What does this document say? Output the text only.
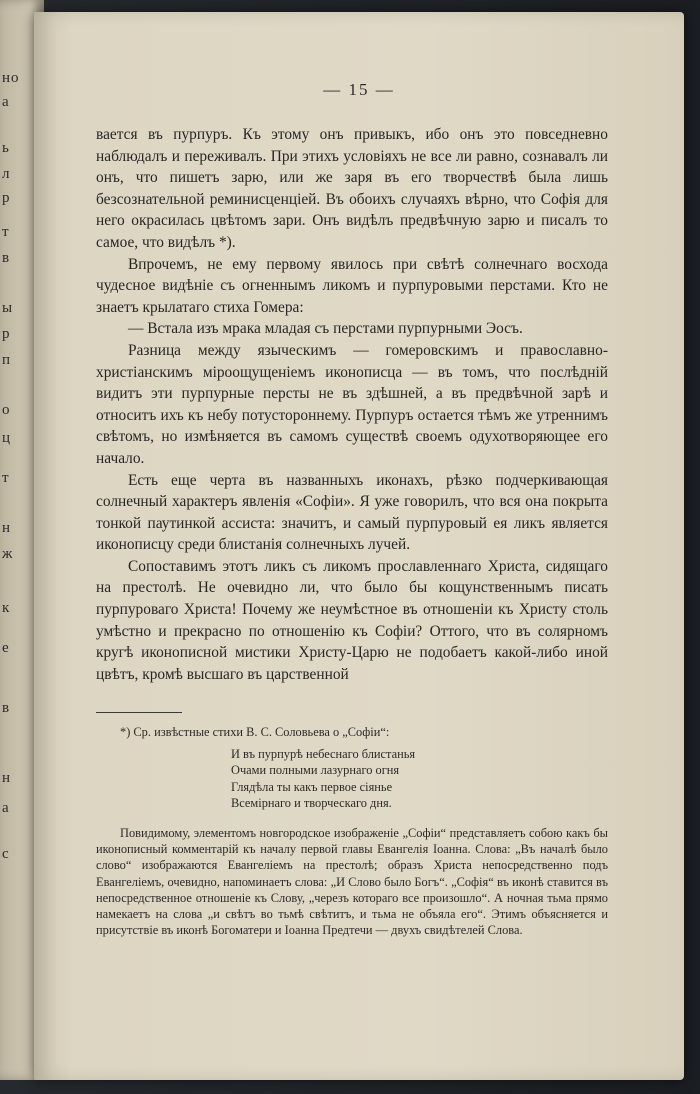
но
а
ь
л
р
т
в
ы
р
п
о
ц
т
н
ж
к
е
в
н
а
с
— 15 —

вается въ пурпуръ. Къ этому онъ привыкъ, ибо онъ это повседневно наблюдалъ и переживалъ. При этихъ условіяхъ не все ли равно, сознавалъ ли онъ, что пишетъ зарю, или же заря въ его творчествѣ была лишь безсознательной реминисценціей. Въ обоихъ случаяхъ вѣрно, что Софія для него окрасилась цвѣтомъ зари. Онъ видѣлъ предвѣчную зарю и писалъ то самое, что видѣлъ *).

Впрочемъ, не ему первому явилось при свѣтѣ солнечнаго восхода чудесное видѣніе съ огненнымъ ликомъ и пурпуровыми перстами. Кто не знаетъ крылатаго стиха Гомера:

— Встала изъ мрака младая съ перстами пурпурными Эосъ.

Разница между языческимъ — гомеровскимъ и православно-христіанскимъ міроощущеніемъ иконописца — въ томъ, что послѣдній видитъ эти пурпурные персты не въ здѣшней, а въ предвѣчной зарѣ и относитъ ихъ къ небу потустороннему. Пурпуръ остается тѣмъ же утреннимъ свѣтомъ, но измѣняется въ самомъ существѣ своемъ одухотворяющее его начало.

Есть еще черта въ названныхъ иконахъ, рѣзко подчеркивающая солнечный характеръ явленія «Софіи». Я уже говорилъ, что вся она покрыта тонкой паутинкой ассиста: значитъ, и самый пурпуровый ея ликъ является иконописцу среди блистанія солнечныхъ лучей.

Сопоставимъ этотъ ликъ съ ликомъ прославленнаго Христа, сидящаго на престолѣ. Не очевидно ли, что было бы кощунственнымъ писать пурпуроваго Христа! Почему же неумѣстное въ отношеніи къ Христу столь умѣстно и прекрасно по отношенію къ Софіи? Оттого, что въ солярномъ кругѣ иконописной мистики Христу-Царю не подобаетъ какой-либо иной цвѣтъ, кромѣ высшаго въ царственной

*) Ср. извѣстные стихи В. С. Соловьева о „Софіи“:

И въ пурпурѣ небеснаго блистанья
Очами полными лазурнаго огня
Глядѣла ты какъ первое сіянье
Всемірнаго и творческаго дня.

Повидимому, элементомъ новгородское изображеніе „Софіи“ представляетъ собою какъ бы иконописный комментарій къ началу первой главы Евангелія Іоанна. Слова: „Въ началѣ было слово“ изображаются Евангеліемъ на престолѣ; образъ Христа непосредственно подъ Евангеліемъ, очевидно, напоминаетъ слова: „И Слово было Богъ“. „Софія“ въ иконѣ ставится въ непосредственное отношеніе къ Слову, „черезъ котораго все произошло“. А ночная тьма прямо намекаетъ на слова „и свѣтъ во тьмѣ свѣтитъ, и тьма не объяла его“. Этимъ объясняется и присутствіе въ иконѣ Богоматери и Іоанна Предтечи — двухъ свидѣтелей Слова.
